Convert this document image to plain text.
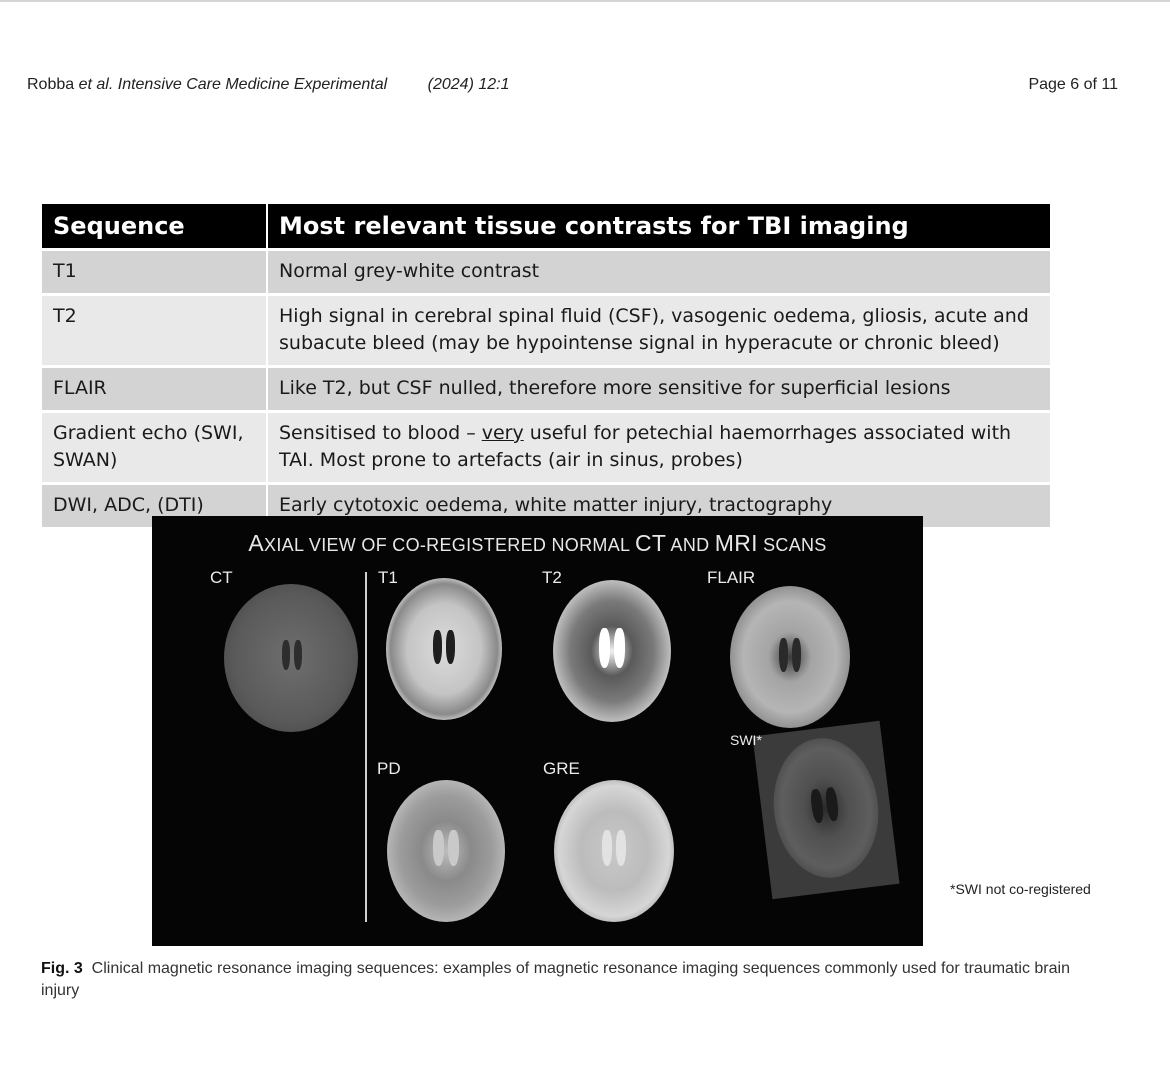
Robba et al. Intensive Care Medicine Experimental	(2024) 12:1	Page 6 of 11
Sequence	Most relevant tissue contrasts for TBI imaging
T1	Normal grey-white contrast
T2	High signal in cerebral spinal fluid (CSF), vasogenic oedema, gliosis, acute and subacute bleed (may be hypointense signal in hyperacute or chronic bleed)
FLAIR	Like T2, but CSF nulled, therefore more sensitive for superficial lesions
Gradient echo (SWI, SWAN)	Sensitised to blood – very useful for petechial haemorrhages associated with TAI. Most prone to artefacts (air in sinus, probes)
DWI, ADC, (DTI)	Early cytotoxic oedema, white matter injury, tractography
AXIAL VIEW OF CO-REGISTERED NORMAL CT AND MRI SCANS
CT	T1	T2	FLAIR
PD	GRE
SWI*
*SWI not co-registered
Fig. 3 Clinical magnetic resonance imaging sequences: examples of magnetic resonance imaging sequences commonly used for traumatic brain injury
